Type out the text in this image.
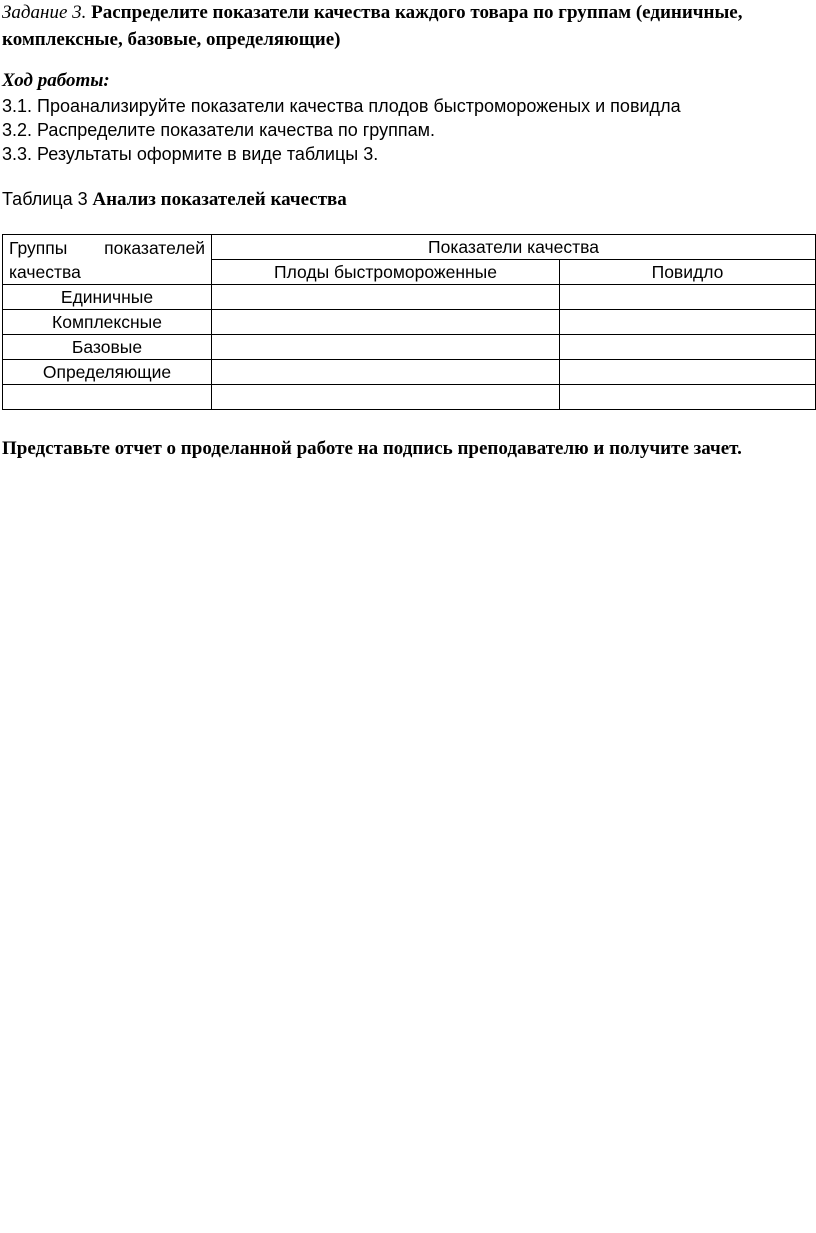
Задание 3. Распределите показатели качества каждого товара по группам (единичные,
комплексные, базовые, определяющие)
Ход работы:
3.1. Проанализируйте показатели качества плодов быстромороженых и повидла
3.2. Распределите показатели качества по группам.
3.3. Результаты оформите в виде таблицы 3.
Таблица 3 Анализ показателей качества
Группы показателей качества	Показатели качества	
	Плоды быстромороженные	Повидло
Единичные		
Комплексные		
Базовые		
Определяющие		

Представьте отчет о проделанной работе на подпись преподавателю и получите зачет.
